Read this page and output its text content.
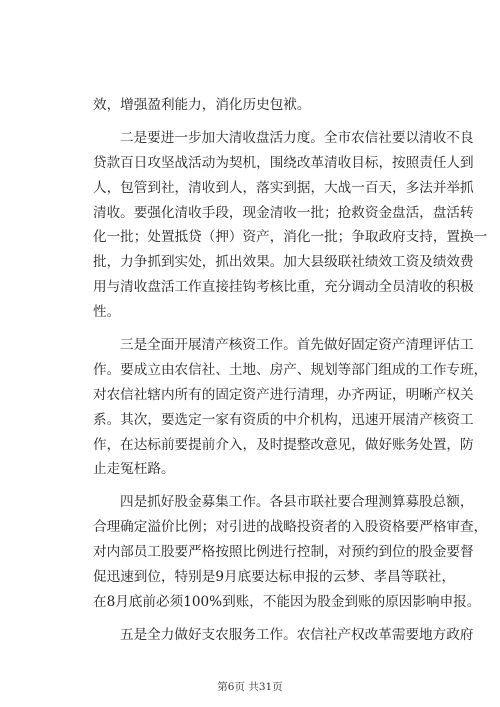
效，增强盈利能力，消化历史包袱。
二是要进一步加大清收盘活力度。全市农信社要以清收不良
贷款百日攻坚战活动为契机，围绕改革清收目标，按照责任人到
人，包管到社，清收到人，落实到据，大战一百天，多法并举抓
清收。要强化清收手段，现金清收一批；抢救资金盘活，盘活转
化一批；处置抵贷（押）资产，消化一批；争取政府支持，置换一
批，力争抓到实处，抓出效果。加大县级联社绩效工资及绩效费
用与清收盘活工作直接挂钩考核比重，充分调动全员清收的积极
性。
三是全面开展清产核资工作。首先做好固定资产清理评估工
作。要成立由农信社、土地、房产、规划等部门组成的工作专班，
对农信社辖内所有的固定资产进行清理，办齐两证，明晰产权关
系。其次，要选定一家有资质的中介机构，迅速开展清产核资工
作，在达标前要提前介入，及时提整改意见，做好账务处置，防
止走冤枉路。
四是抓好股金募集工作。各县市联社要合理测算募股总额，
合理确定溢价比例；对引进的战略投资者的入股资格要严格审查，
对内部员工股要严格按照比例进行控制，对预约到位的股金要督
促迅速到位，特别是9月底要达标申报的云梦、孝昌等联社，
在8月底前必须100%到账，不能因为股金到账的原因影响申报。
五是全力做好支农服务工作。农信社产权改革需要地方政府
第6页 共31页
